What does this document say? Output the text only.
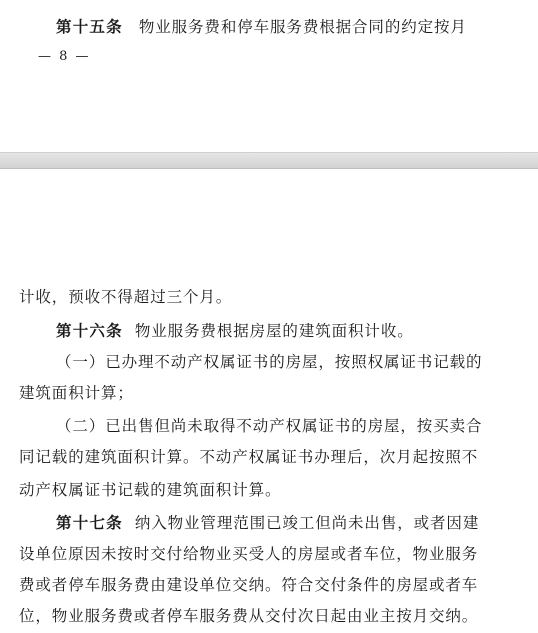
第十五条 物业服务费和停车服务费根据合同的约定按月
— 8 —
计收，预收不得超过三个月。
第十六条 物业服务费根据房屋的建筑面积计收。
（一）已办理不动产权属证书的房屋，按照权属证书记载的
建筑面积计算；
（二）已出售但尚未取得不动产权属证书的房屋，按买卖合
同记载的建筑面积计算。不动产权属证书办理后，次月起按照不
动产权属证书记载的建筑面积计算。
第十七条 纳入物业管理范围已竣工但尚未出售，或者因建
设单位原因未按时交付给物业买受人的房屋或者车位，物业服务
费或者停车服务费由建设单位交纳。符合交付条件的房屋或者车
位，物业服务费或者停车服务费从交付次日起由业主按月交纳。
